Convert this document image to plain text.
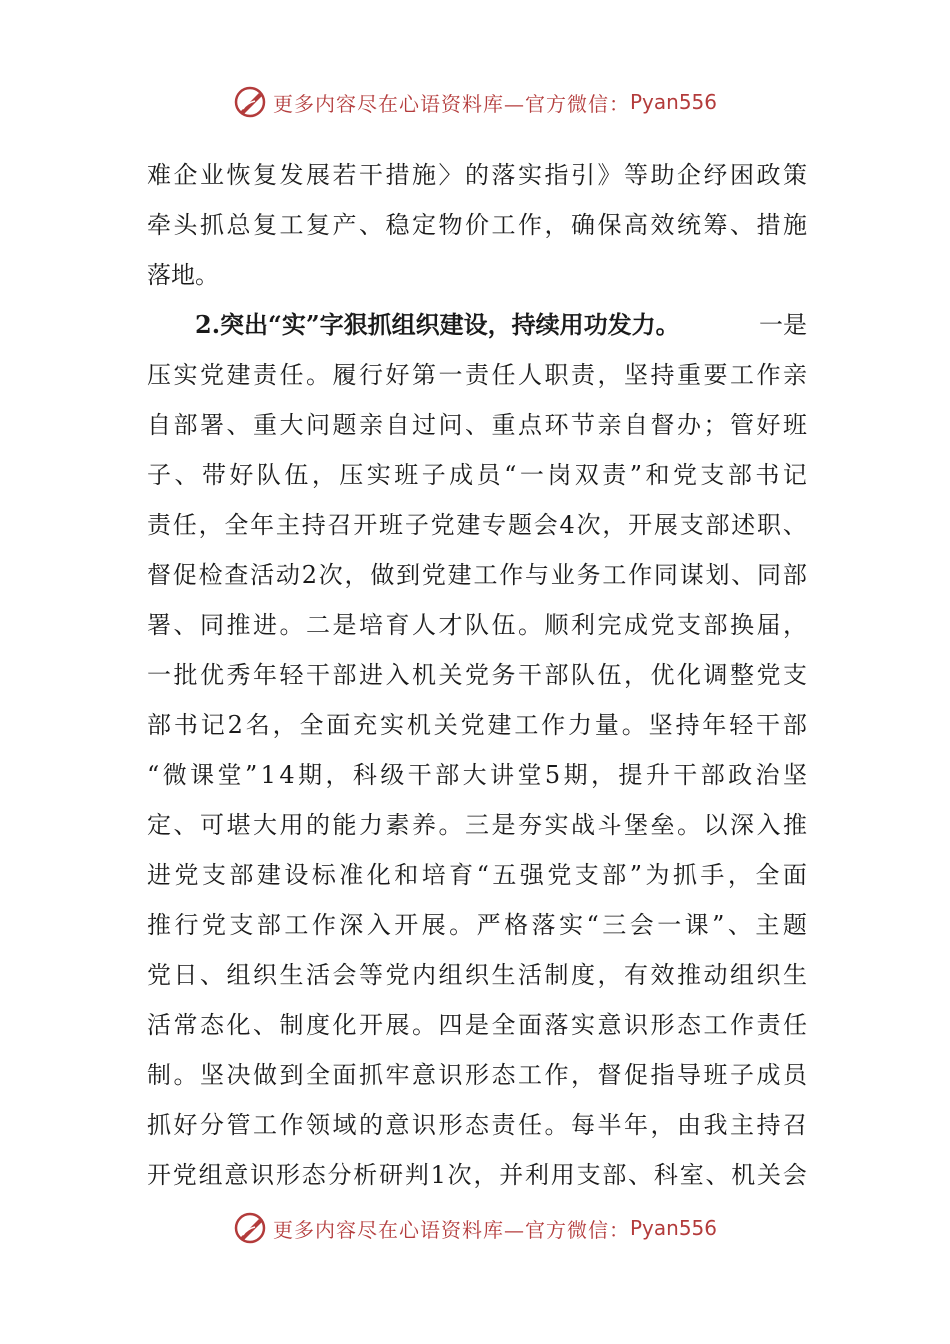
更多内容尽在心语资料库—官方微信： Pyan556
难 企 业 恢 复 发 展 若 干 措 施 〉 的 落 实 指 引 》 等 助 企 纾 困 政 策
牵 头 抓 总 复 工 复 产 、 稳 定 物 价 工 作 ， 确 保 高 效 统 筹 、 措 施
落地。
2.突出“实”字狠抓组织建设，持续用功发力。	一是
压 实 党 建 责 任 。 履 行 好 第 一 责 任 人 职 责 ， 坚 持 重 要 工 作 亲
自 部 署 、 重 大 问 题 亲 自 过 问 、 重 点 环 节 亲 自 督 办 ； 管 好 班
子 、 带 好 队 伍 ， 压 实 班 子 成 员 “ 一 岗 双 责 ” 和 党 支 部 书 记
责 任 ， 全 年 主 持 召 开 班 子 党 建 专 题 会 4 次 ， 开 展 支 部 述 职 、
督 促 检 查 活 动 2 次 ， 做 到 党 建 工 作 与 业 务 工 作 同 谋 划 、 同 部
署 、 同 推 进 。 二 是 培 育 人 才 队 伍 。 顺 利 完 成 党 支 部 换 届 ，
一 批 优 秀 年 轻 干 部 进 入 机 关 党 务 干 部 队 伍 ， 优 化 调 整 党 支
部 书 记 2 名 ， 全 面 充 实 机 关 党 建 工 作 力 量 。 坚 持 年 轻 干 部
“ 微 课 堂 ” 1 4 期 ， 科 级 干 部 大 讲 堂 5 期 ， 提 升 干 部 政 治 坚
定 、 可 堪 大 用 的 能 力 素 养 。 三 是 夯 实 战 斗 堡 垒 。 以 深 入 推
进 党 支 部 建 设 标 准 化 和 培 育 “ 五 强 党 支 部 ” 为 抓 手 ， 全 面
推 行 党 支 部 工 作 深 入 开 展 。 严 格 落 实 “ 三 会 一 课 ” 、 主 题
党 日 、 组 织 生 活 会 等 党 内 组 织 生 活 制 度 ， 有 效 推 动 组 织 生
活 常 态 化 、 制 度 化 开 展 。 四 是 全 面 落 实 意 识 形 态 工 作 责 任
制 。 坚 决 做 到 全 面 抓 牢 意 识 形 态 工 作 ， 督 促 指 导 班 子 成 员
抓 好 分 管 工 作 领 域 的 意 识 形 态 责 任 。 每 半 年 ， 由 我 主 持 召
开 党 组 意 识 形 态 分 析 研 判 1 次 ， 并 利 用 支 部 、 科 室 、 机 关 会
更多内容尽在心语资料库—官方微信： Pyan556
